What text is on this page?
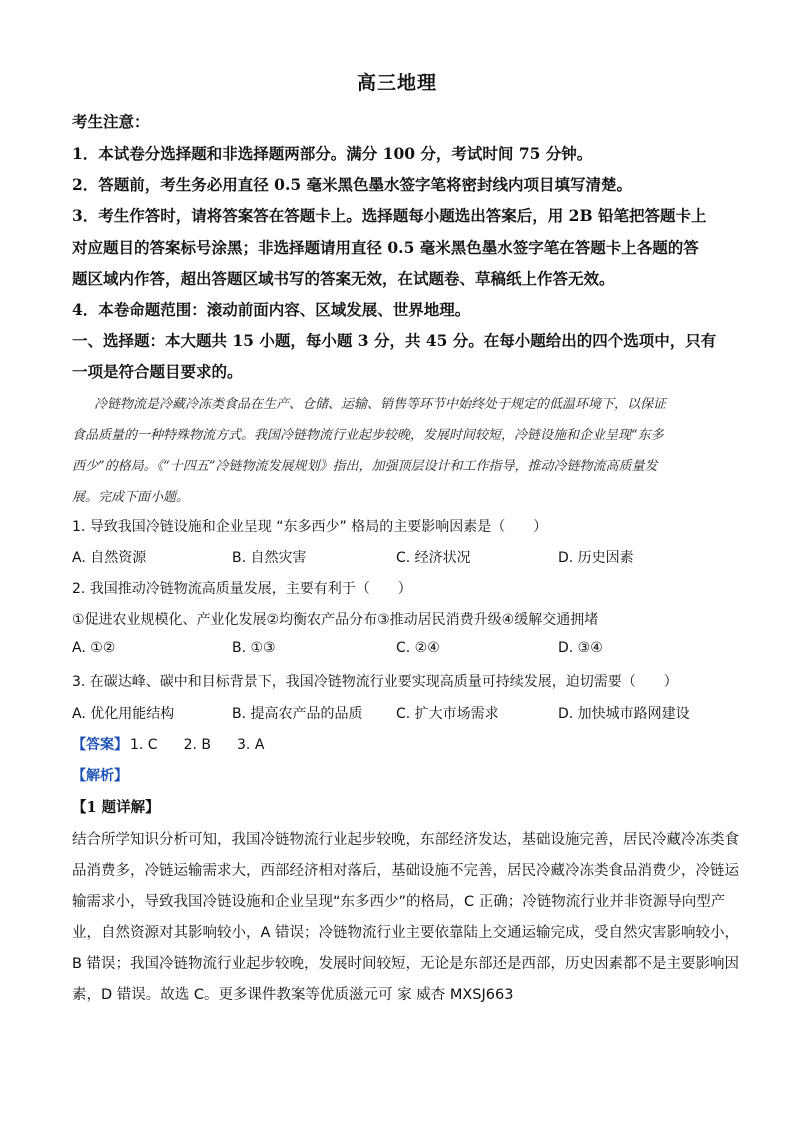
高三地理
考生注意：
1．本试卷分选择题和非选择题两部分。满分 100 分，考试时间 75 分钟。
2．答题前，考生务必用直径 0.5 毫米黑色墨水签字笔将密封线内项目填写清楚。
3．考生作答时，请将答案答在答题卡上。选择题每小题选出答案后，用 2B 铅笔把答题卡上
对应题目的答案标号涂黑；非选择题请用直径 0.5 毫米黑色墨水签字笔在答题卡上各题的答
题区域内作答，超出答题区域书写的答案无效，在试题卷、草稿纸上作答无效。
4．本卷命题范围：滚动前面内容、区域发展、世界地理。
一、选择题：本大题共 15 小题，每小题 3 分，共 45 分。在每小题给出的四个选项中，只有
一项是符合题目要求的。
冷链物流是冷藏冷冻类食品在生产、仓储、运输、销售等环节中始终处于规定的低温环境下，以保证
食品质量的一种特殊物流方式。我国冷链物流行业起步较晚，发展时间较短，冷链设施和企业呈现“东多
西少”的格局。《“十四五”冷链物流发展规划》指出，加强顶层设计和工作指导，推动冷链物流高质量发
展。完成下面小题。
1. 导致我国冷链设施和企业呈现 “东多西少” 格局的主要影响因素是（　　）
A. 自然资源	B. 自然灾害	C. 经济状况	D. 历史因素
2. 我国推动冷链物流高质量发展，主要有利于（　　）
①促进农业规模化、产业化发展②均衡农产品分布③推动居民消费升级④缓解交通拥堵
A. ①②	B. ①③	C. ②④	D. ③④
3. 在碳达峰、碳中和目标背景下，我国冷链物流行业要实现高质量可持续发展，迫切需要（　　）
A. 优化用能结构	B. 提高农产品的品质 C. 扩大市场需求	D. 加快城市路网建设
【答案】 1. C 2. B 3. A
【解析】
【1 题详解】
结合所学知识分析可知，我国冷链物流行业起步较晚，东部经济发达，基础设施完善，居民冷藏冷冻类食
品消费多，冷链运输需求大，西部经济相对落后，基础设施不完善，居民冷藏冷冻类食品消费少，冷链运
输需求小，导致我国冷链设施和企业呈现“东多西少”的格局，C 正确；冷链物流行业并非资源导向型产
业，自然资源对其影响较小，A 错误；冷链物流行业主要依靠陆上交通运输完成，受自然灾害影响较小，
B 错误；我国冷链物流行业起步较晚，发展时间较短，无论是东部还是西部，历史因素都不是主要影响因
素，D 错误。故选 C。更多课件教案等优质滋元可 家 威杏 MXSJ663
